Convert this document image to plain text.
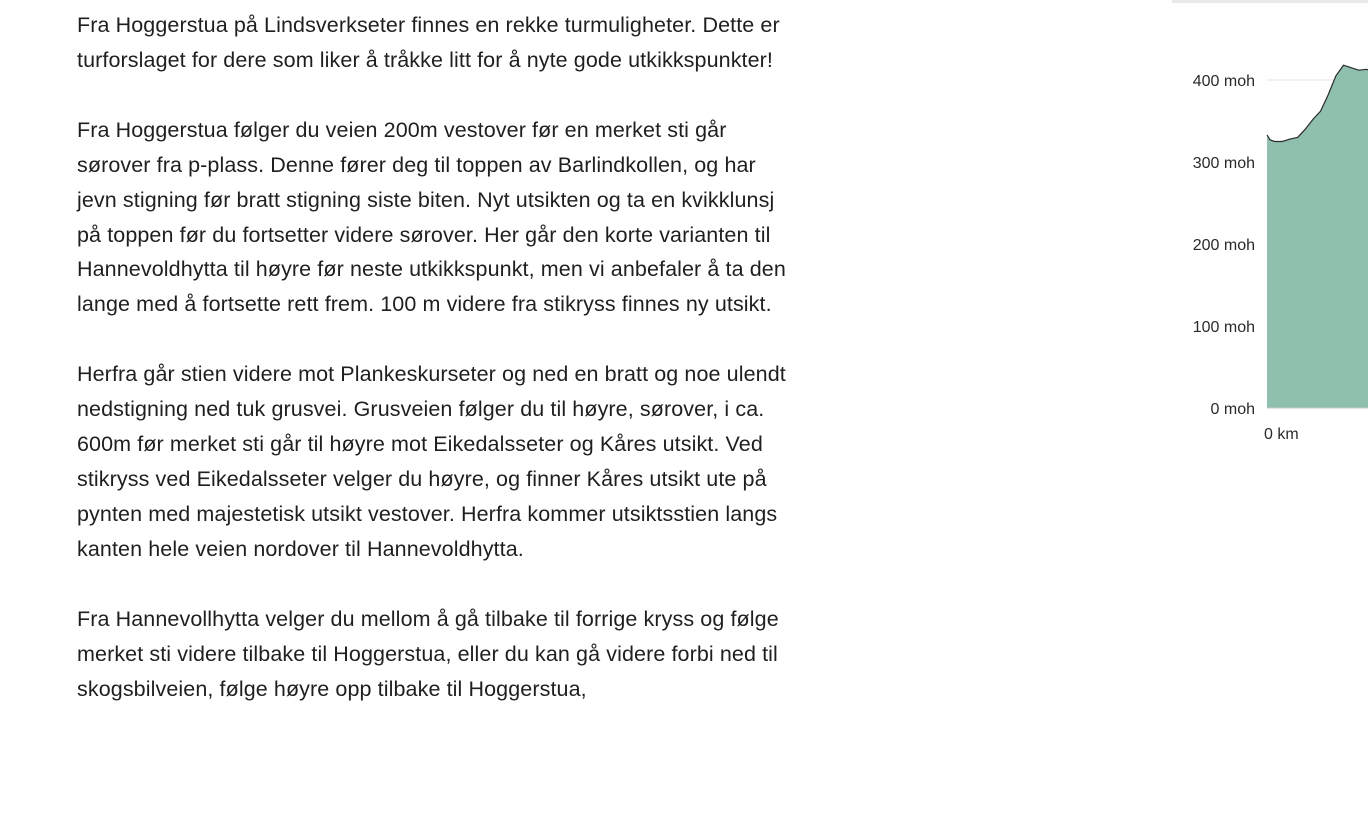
Fra Hoggerstua på Lindsverkseter finnes en rekke turmuligheter. Dette er turforslaget for dere som liker å tråkke litt for å nyte gode utkikkspunkter!

Fra Hoggerstua følger du veien 200m vestover før en merket sti går sørover fra p-plass. Denne fører deg til toppen av Barlindkollen, og har jevn stigning før bratt stigning siste biten. Nyt utsikten og ta en kvikklunsj på toppen før du fortsetter videre sørover. Her går den korte varianten til Hannevoldhytta til høyre før neste utkikkspunkt, men vi anbefaler å ta den lange med å fortsette rett frem. 100 m videre fra stikryss finnes ny utsikt.

Herfra går stien videre mot Plankeskurseter og ned en bratt og noe ulendt nedstigning ned tuk grusvei. Grusveien følger du til høyre, sørover, i ca. 600m før merket sti går til høyre mot Eikedalsseter og Kåres utsikt. Ved stikryss ved Eikedalsseter velger du høyre, og finner Kåres utsikt ute på pynten med majestetisk utsikt vestover. Herfra kommer utsiktsstien langs kanten hele veien nordover til Hannevoldhytta.

Fra Hannevollhytta velger du mellom å gå tilbake til forrige kryss og følge merket sti videre tilbake til Hoggerstua, eller du kan gå videre forbi ned til skogsbilveien, følge høyre opp tilbake til Hoggerstua,

400 moh
300 moh
200 moh
100 moh
0 moh
0 km
